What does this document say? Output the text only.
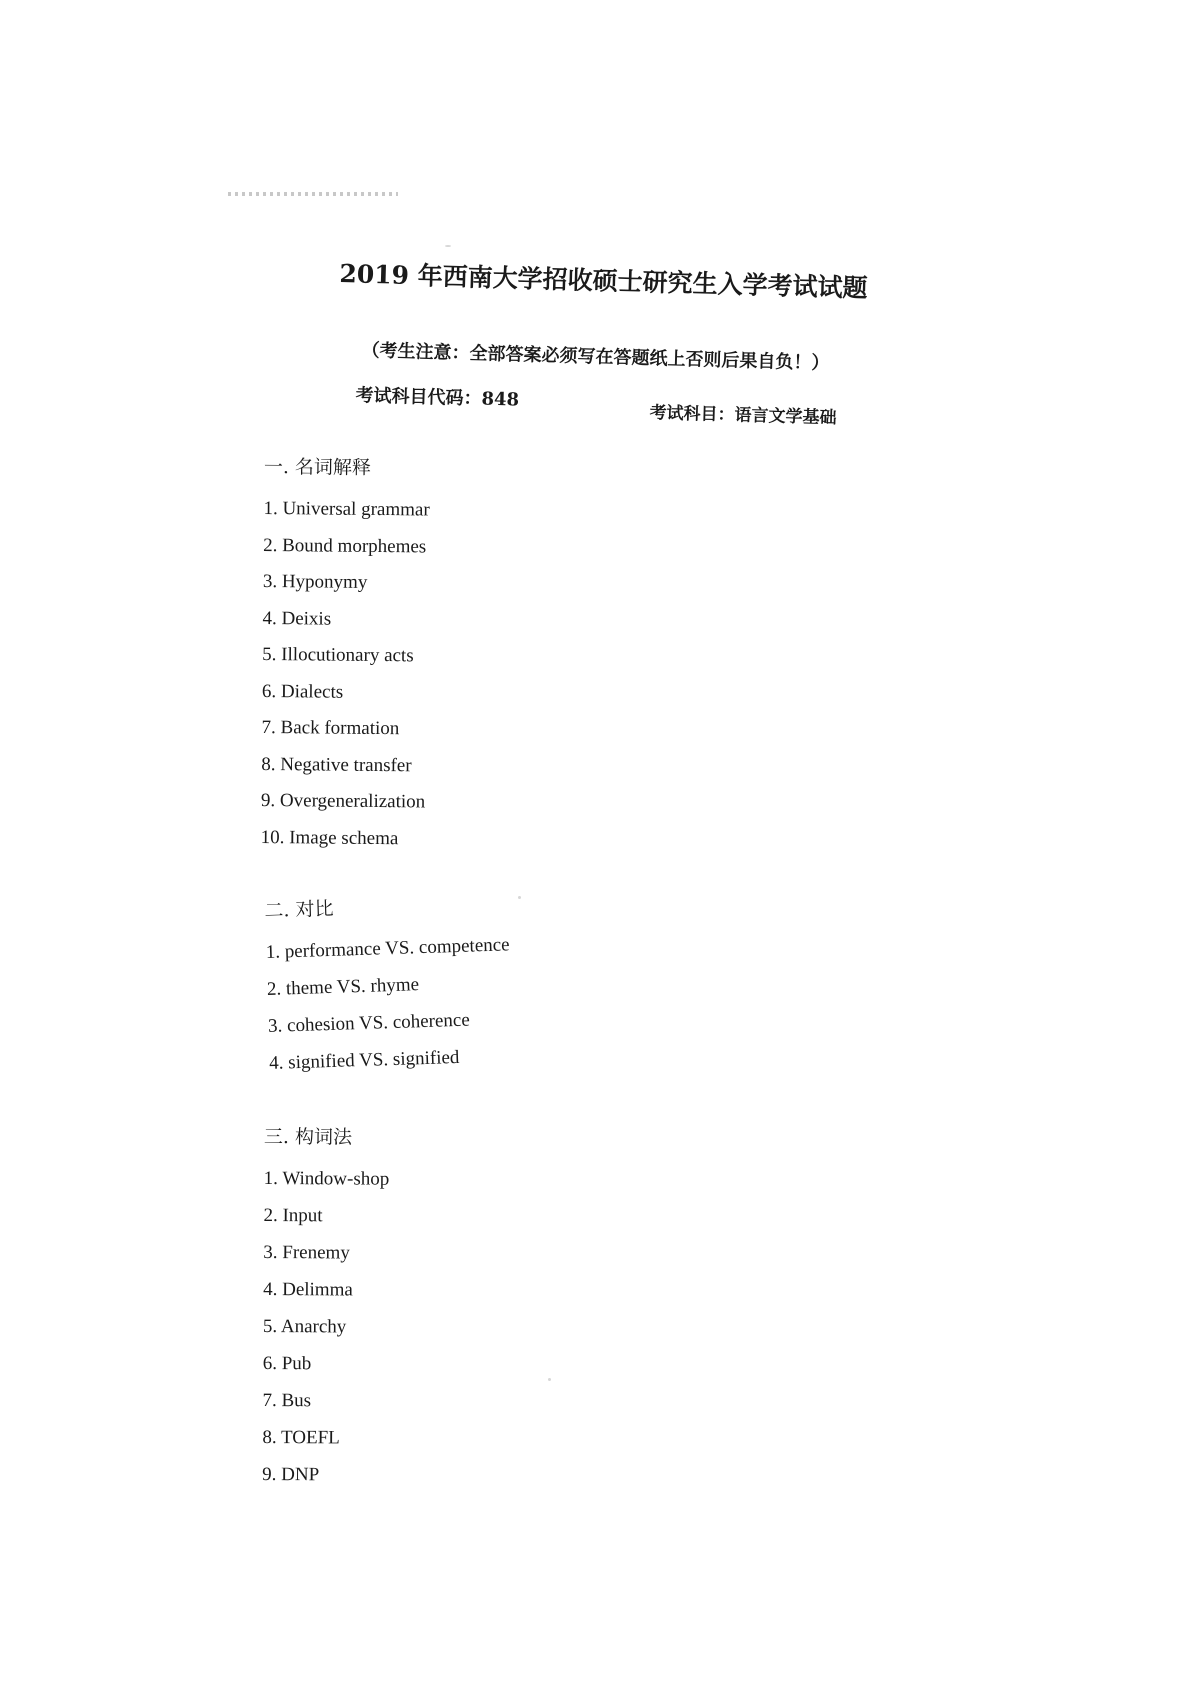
2019 年西南大学招收硕士研究生入学考试试题
（考生注意：全部答案必须写在答题纸上否则后果自负！）
考试科目代码：848
考试科目：语言文学基础
一. 名词解释
1. Universal grammar
2. Bound morphemes
3. Hyponymy
4. Deixis
5. Illocutionary acts
6. Dialects
7. Back formation
8. Negative transfer
9. Overgeneralization
10. Image schema
二. 对比
1. performance VS. competence
2. theme VS. rhyme
3. cohesion VS. coherence
4. signified VS. signified
三. 构词法
1. Window-shop
2. Input
3. Frenemy
4. Delimma
5. Anarchy
6. Pub
7. Bus
8. TOEFL
9. DNP
